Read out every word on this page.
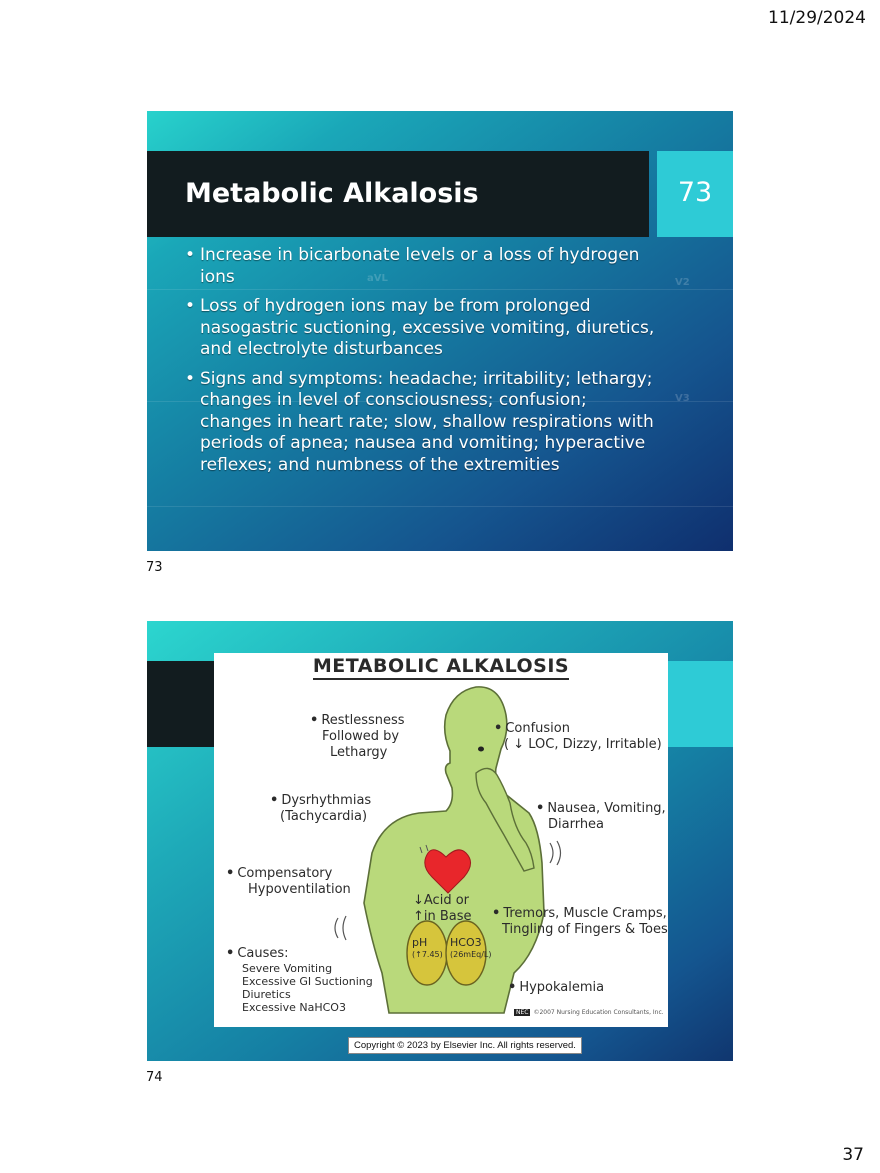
11/29/2024
aVL	V2
V3
Metabolic Alkalosis	73
• Increase in bicarbonate levels or a loss of hydrogen ions
• Loss of hydrogen ions may be from prolonged nasogastric suctioning, excessive vomiting, diuretics, and electrolyte disturbances
• Signs and symptoms: headache; irritability; lethargy; changes in level of consciousness; confusion; changes in heart rate; slow, shallow respirations with periods of apnea; nausea and vomiting; hyperactive reflexes; and numbness of the extremities
73
METABOLIC ALKALOSIS
• Restlessness
Followed by
Lethargy
• Dysrhythmias
(Tachycardia)
• Compensatory
Hypoventilation
• Causes:
Severe Vomiting
Excessive GI Suctioning
Diuretics
Excessive NaHCO3
• Confusion
( ↓ LOC, Dizzy, Irritable)
• Nausea, Vomiting,
Diarrhea
• Tremors, Muscle Cramps,
Tingling of Fingers & Toes
• Hypokalemia
↓Acid or
↑in Base
pH
(↑7.45)
HCO3
(26mEq/L)
NEC ©2007 Nursing Education Consultants, Inc.
Copyright © 2023 by Elsevier Inc. All rights reserved.
74
37
